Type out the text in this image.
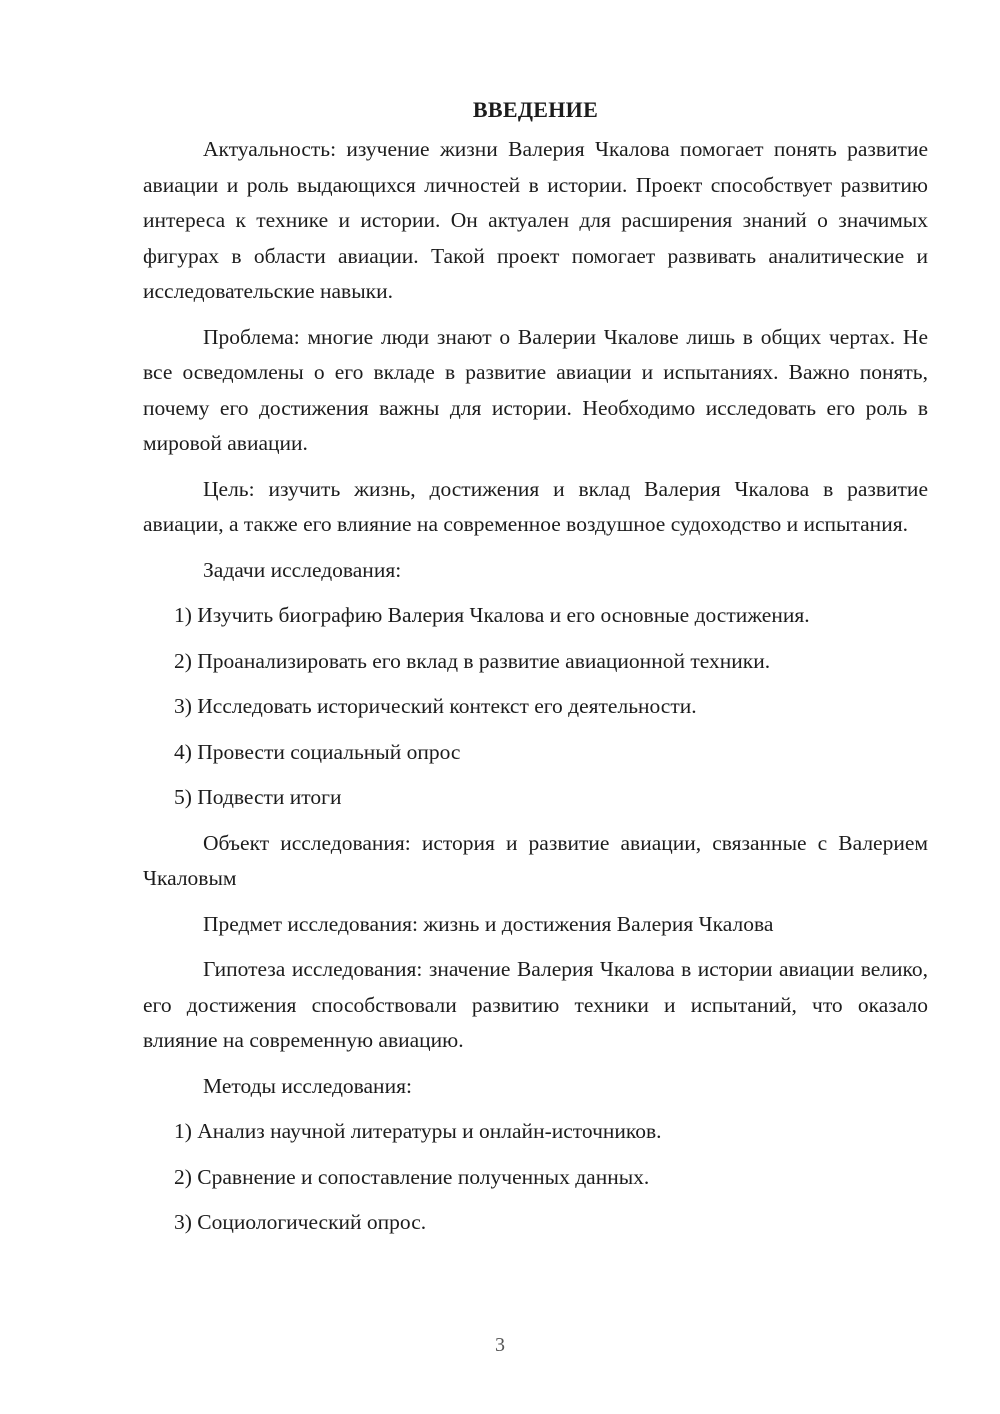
ВВЕДЕНИЕ

Актуальность: изучение жизни Валерия Чкалова помогает понять развитие авиации и роль выдающихся личностей в истории. Проект способствует развитию интереса к технике и истории. Он актуален для расширения знаний о значимых фигурах в области авиации. Такой проект помогает развивать аналитические и исследовательские навыки.

Проблема: многие люди знают о Валерии Чкалове лишь в общих чертах. Не все осведомлены о его вкладе в развитие авиации и испытаниях. Важно понять, почему его достижения важны для истории. Необходимо исследовать его роль в мировой авиации.

Цель: изучить жизнь, достижения и вклад Валерия Чкалова в развитие авиации, а также его влияние на современное воздушное судоходство и испытания.

Задачи исследования:

1) Изучить биографию Валерия Чкалова и его основные достижения.
2) Проанализировать его вклад в развитие авиационной техники.
3) Исследовать исторический контекст его деятельности.
4) Провести социальный опрос
5) Подвести итоги

Объект исследования: история и развитие авиации, связанные с Валерием Чкаловым

Предмет исследования: жизнь и достижения Валерия Чкалова

Гипотеза исследования: значение Валерия Чкалова в истории авиации велико, его достижения способствовали развитию техники и испытаний, что оказало влияние на современную авиацию.

Методы исследования:

1) Анализ научной литературы и онлайн-источников.
2) Сравнение и сопоставление полученных данных.
3) Социологический опрос.
3
